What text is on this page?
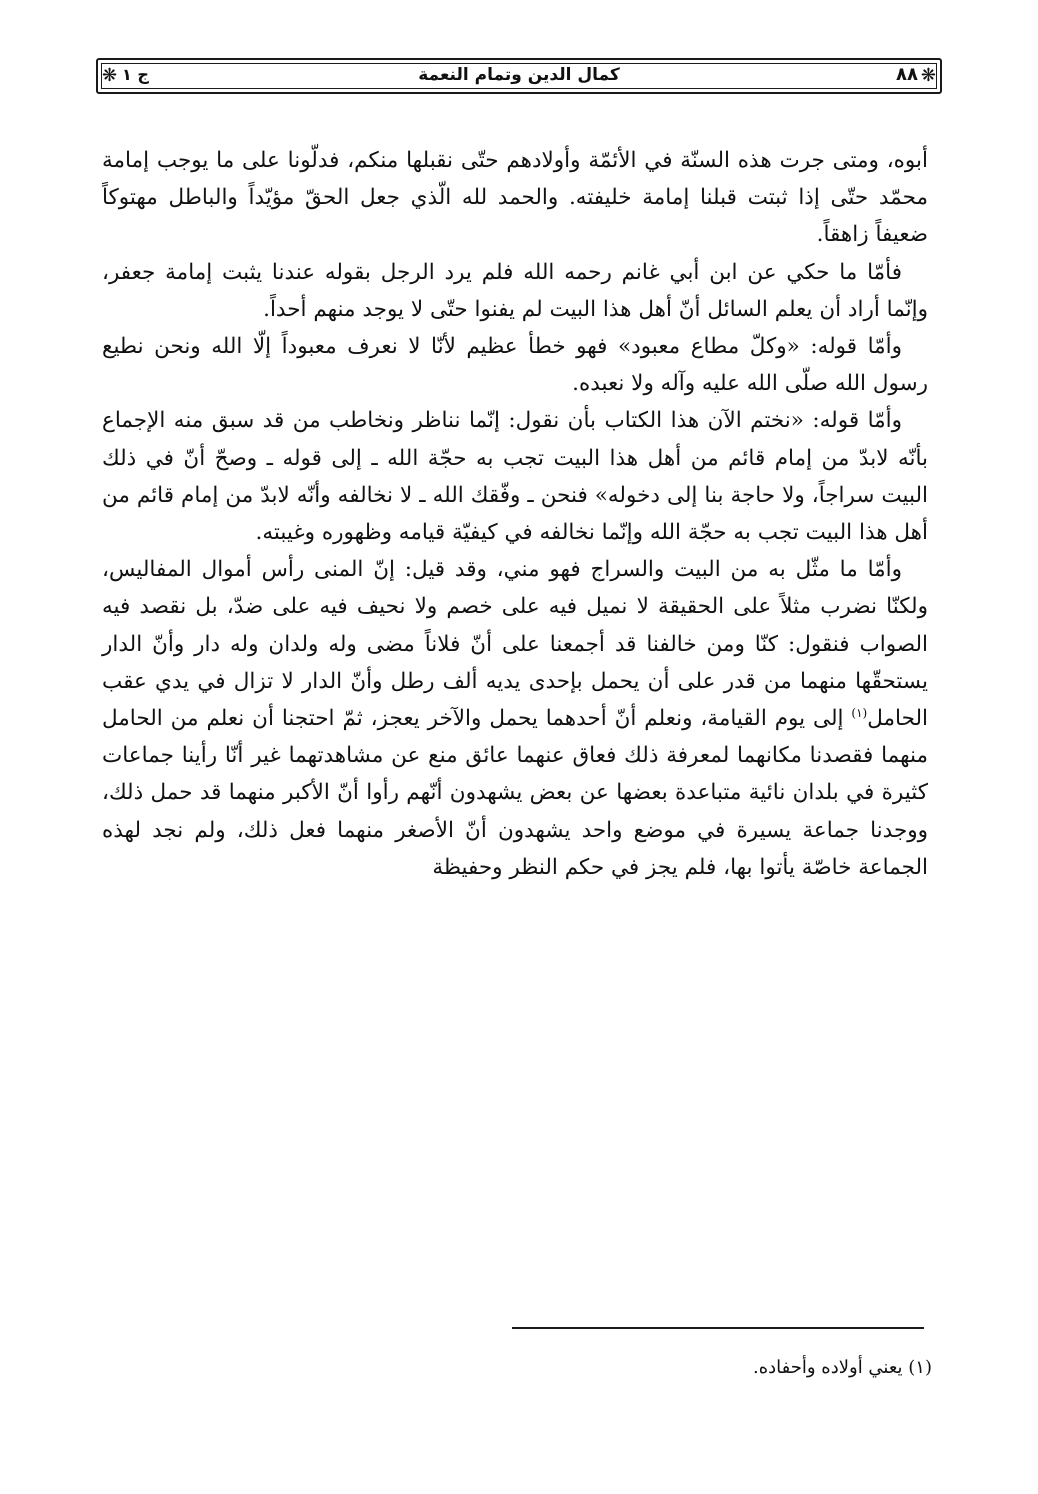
❋
٨٨
كمال الدين وتمام النعمة
ج ١
❋

أبوه، ومتى جرت هذه السنّة في الأئمّة وأولادهم حتّى نقبلها منكم، فدلّونا على ما يوجب إمامة محمّد حتّى إذا ثبتت قبلنا إمامة خليفته. والحمد لله الّذي جعل الحقّ مؤيّداً والباطل مهتوكاً ضعيفاً زاهقاً.

فأمّا ما حكي عن ابن أبي غانم رحمه الله فلم يرد الرجل بقوله عندنا يثبت إمامة جعفر، وإنّما أراد أن يعلم السائل أنّ أهل هذا البيت لم يفنوا حتّى لا يوجد منهم أحداً.

وأمّا قوله: «وكلّ مطاع معبود» فهو خطأ عظيم لأنّا لا نعرف معبوداً إلّا الله ونحن نطيع رسول الله صلّى الله عليه وآله ولا نعبده.

وأمّا قوله: «نختم الآن هذا الكتاب بأن نقول: إنّما نناظر ونخاطب من قد سبق منه الإجماع بأنّه لابدّ من إمام قائم من أهل هذا البيت تجب به حجّة الله ـ إلى قوله ـ وصحّ أنّ في ذلك البيت سراجاً، ولا حاجة بنا إلى دخوله» فنحن ـ وفّقك الله ـ لا نخالفه وأنّه لابدّ من إمام قائم من أهل هذا البيت تجب به حجّة الله وإنّما نخالفه في كيفيّة قيامه وظهوره وغيبته.

وأمّا ما مثّل به من البيت والسراج فهو مني، وقد قيل: إنّ المنى رأس أموال المفاليس، ولكنّا نضرب مثلاً على الحقيقة لا نميل فيه على خصم ولا نحيف فيه على ضدّ، بل نقصد فيه الصواب فنقول: كنّا ومن خالفنا قد أجمعنا على أنّ فلاناً مضى وله ولدان وله دار وأنّ الدار يستحقّها منهما من قدر على أن يحمل بإحدى يديه ألف رطل وأنّ الدار لا تزال في يدي عقب الحامل$^{(١)}$ إلى يوم القيامة، ونعلم أنّ أحدهما يحمل والآخر يعجز، ثمّ احتجنا أن نعلم من الحامل منهما فقصدنا مكانهما لمعرفة ذلك فعاق عنهما عائق منع عن مشاهدتهما غير أنّا رأينا جماعات كثيرة في بلدان نائية متباعدة بعضها عن بعض يشهدون أنّهم رأوا أنّ الأكبر منهما قد حمل ذلك، ووجدنا جماعة يسيرة في موضع واحد يشهدون أنّ الأصغر منهما فعل ذلك، ولم نجد لهذه الجماعة خاصّة يأتوا بها، فلم يجز في حكم النظر وحفيظة

(١) يعني أولاده وأحفاده.
